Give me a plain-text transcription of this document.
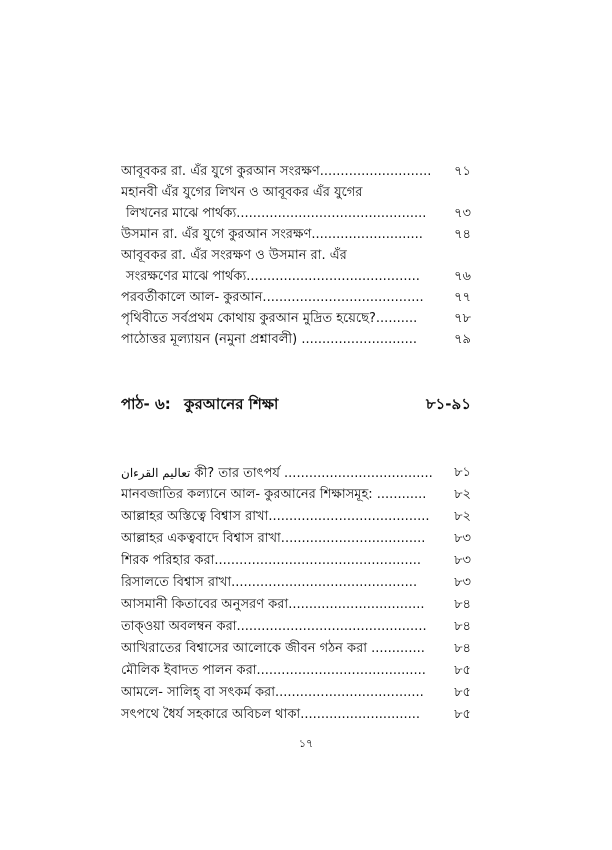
আবূবকর রা. এঁর যুগে কুরআন সংরক্ষণ........................... ৭১
মহানবী এঁর যুগের লিখন ও আবূবকর এঁর যুগের
লিখনের মাঝে পার্থক্য.............................................. ৭৩
উসমান রা. এঁর যুগে কুরআন সংরক্ষণ........................... ৭৪
আবূবকর রা. এঁর সংরক্ষণ ও উসমান রা. এঁর
সংরক্ষণের মাঝে পার্থক্য..........................................	৭৬
পরবর্তীকালে আল- কুরআন....................................... ৭৭
পৃথিবীতে সর্বপ্রথম কোথায় কুরআন মুদ্রিত হয়েছে?..........	৭৮
পাঠোত্তর মূল্যায়ন (নমুনা প্রশ্নাবলী) ............................	৭৯
পাঠ- ৬: কুরআনের শিক্ষা	৮১-৯১
تعاليم القرءان কী? তার তাৎপর্য .................................... ৮১
মানবজাতির কল্যানে আল- কুরআনের শিক্ষাসমূহ: ............ ৮২
আল্লাহর অস্তিত্বে বিশ্বাস রাখা....................................... ৮২
আল্লাহর একত্ববাদে বিশ্বাস রাখা................................... ৮৩
শিরক পরিহার করা..................................................	৮৩
রিসালতে বিশ্বাস রাখা.............................................	৮৩
আসমানী কিতাবের অনুসরণ করা................................. ৮৪
তাক্ওয়া অবলম্বন করা.............................................. ৮৪
আখিরাতের বিশ্বাসের আলোকে জীবন গঠন করা ............. ৮৪
মৌলিক ইবাদত পালন করা......................................... ৮৫
আমলে- সালিহ্ বা সৎকর্ম করা.................................... ৮৫
সৎপথে ধৈর্য সহকারে অবিচল থাকা.............................	৮৫
১৭
